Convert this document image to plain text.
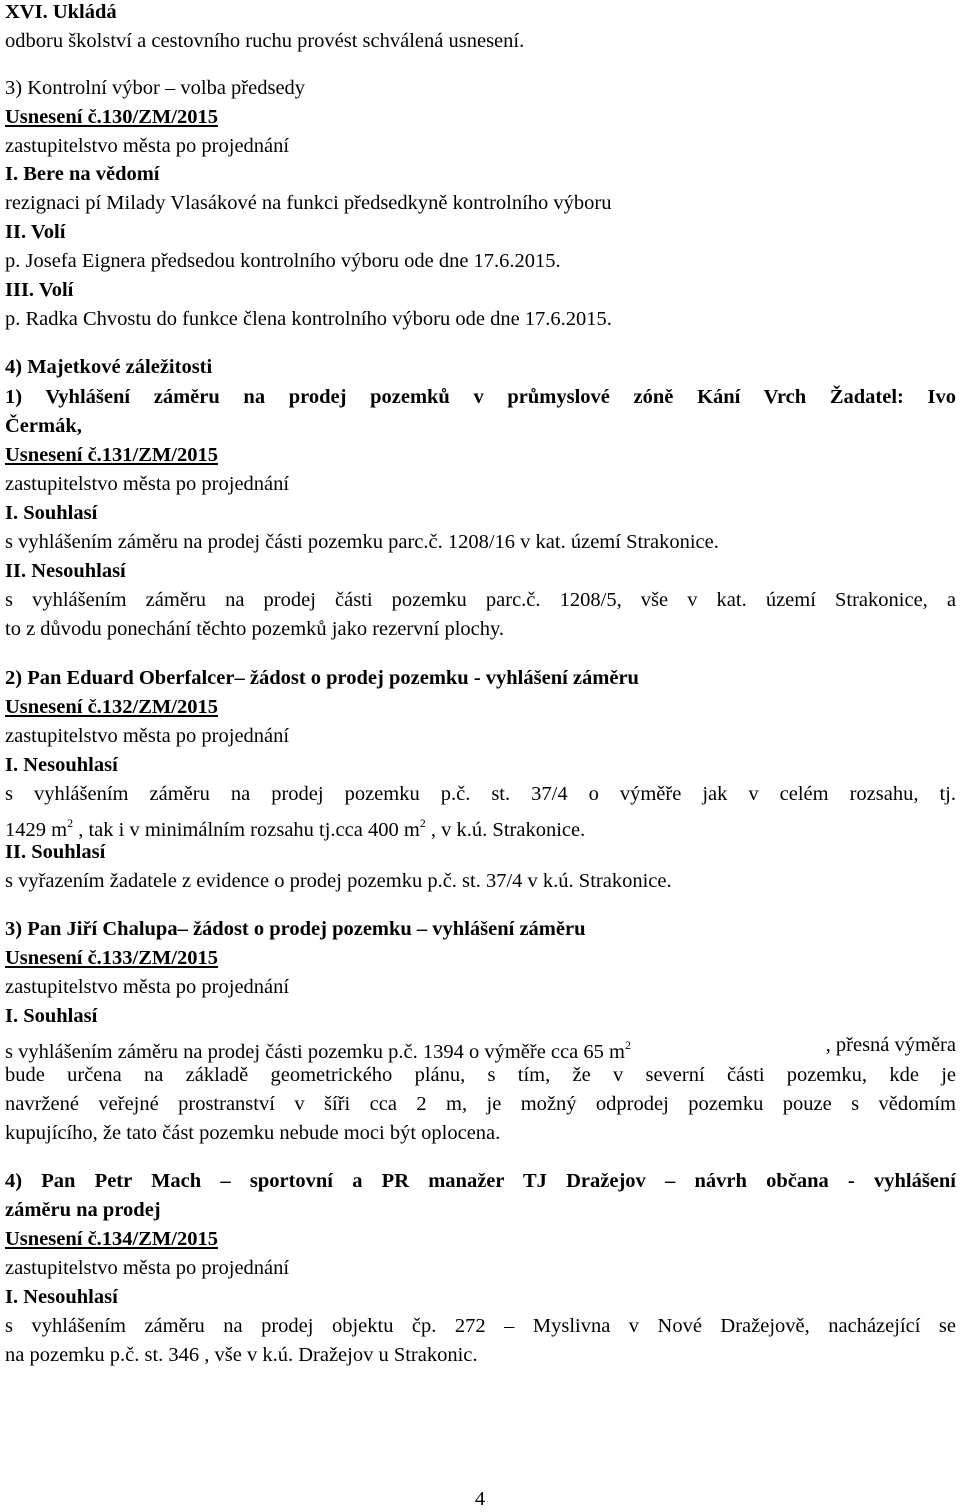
XVI. Ukládá
odboru školství a cestovního ruchu provést schválená usnesení.
3) Kontrolní výbor – volba předsedy
Usnesení č.130/ZM/2015
zastupitelstvo města po projednání
I. Bere na vědomí
rezignaci pí Milady Vlasákové na funkci předsedkyně kontrolního výboru
II. Volí
p. Josefa Eignera předsedou kontrolního výboru ode dne 17.6.2015.
III. Volí
p. Radka Chvostu do funkce člena kontrolního výboru ode dne 17.6.2015.
4) Majetkové záležitosti
1) Vyhlášení záměru na prodej pozemků v průmyslové zóně Kání Vrch Žadatel: Ivo
Čermák,
Usnesení č.131/ZM/2015
zastupitelstvo města po projednání
I. Souhlasí
s vyhlášením záměru na prodej části pozemku parc.č. 1208/16 v kat. území Strakonice.
II. Nesouhlasí
s vyhlášením záměru na prodej části pozemku parc.č. 1208/5, vše v kat. území Strakonice, a
to z důvodu ponechání těchto pozemků jako rezervní plochy.
2) Pan Eduard Oberfalcer– žádost o prodej pozemku - vyhlášení záměru
Usnesení č.132/ZM/2015
zastupitelstvo města po projednání
I. Nesouhlasí
s vyhlášením záměru na prodej pozemku p.č. st. 37/4 o výměře jak v celém rozsahu, tj.
1429 $m^2$ , tak i v minimálním rozsahu tj.cca 400 $m^2$ , v k.ú. Strakonice.
II. Souhlasí
s vyřazením žadatele z evidence o prodej pozemku p.č. st. 37/4 v k.ú. Strakonice.
3) Pan Jiří Chalupa– žádost o prodej pozemku – vyhlášení záměru
Usnesení č.133/ZM/2015
zastupitelstvo města po projednání
I. Souhlasí
s vyhlášením záměru na prodej části pozemku p.č. 1394 o výměře cca 65 $m^2$	, přesná výměra
bude určena na základě geometrického plánu, s tím, že v severní části pozemku, kde je
navržené veřejné prostranství v šíři cca 2 m, je možný odprodej pozemku pouze s vědomím
kupujícího, že tato část pozemku nebude moci být oplocena.
4) Pan Petr Mach – sportovní a PR manažer TJ Dražejov – návrh občana - vyhlášení
záměru na prodej
Usnesení č.134/ZM/2015
zastupitelstvo města po projednání
I. Nesouhlasí
s vyhlášením záměru na prodej objektu čp. 272 – Myslivna v Nové Dražejově, nacházející se
na pozemku p.č. st. 346 , vše v k.ú. Dražejov u Strakonic.
4
